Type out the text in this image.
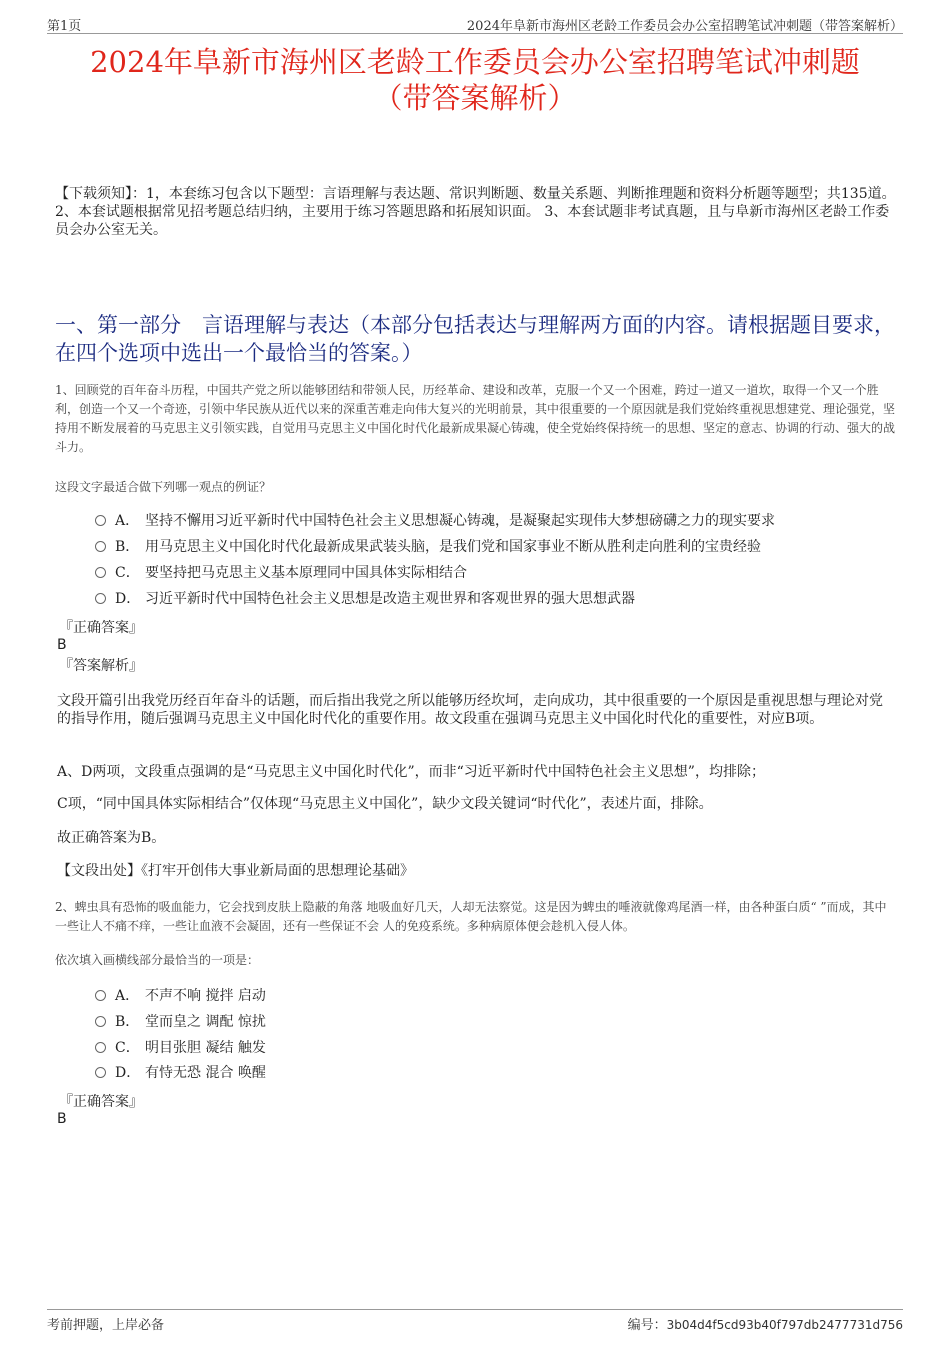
第1页	2024年阜新市海州区老龄工作委员会办公室招聘笔试冲刺题（带答案解析）
2024年阜新市海州区老龄工作委员会办公室招聘笔试冲刺题
（带答案解析）
【下载须知】：1，本套练习包含以下题型：言语理解与表达题、常识判断题、数量关系题、判断推理题和资料分析题等题型；共135道。 2、本套试题根据常见招考题总结归纳，主要用于练习答题思路和拓展知识面。 3、本套试题非考试真题，且与阜新市海州区老龄工作委员会办公室无关。
一、第一部分　言语理解与表达（本部分包括表达与理解两方面的内容。请根据题目要求，在四个选项中选出一个最恰当的答案。）
1、回顾党的百年奋斗历程，中国共产党之所以能够团结和带领人民，历经革命、建设和改革，克服一个又一个困难，跨过一道又一道坎，取得一个又一个胜利，创造一个又一个奇迹，引领中华民族从近代以来的深重苦难走向伟大复兴的光明前景，其中很重要的一个原因就是我们党始终重视思想建党、理论强党，坚持用不断发展着的马克思主义引领实践，自觉用马克思主义中国化时代化最新成果凝心铸魂，使全党始终保持统一的思想、坚定的意志、协调的行动、强大的战斗力。
这段文字最适合做下列哪一观点的例证？
A． 坚持不懈用习近平新时代中国特色社会主义思想凝心铸魂，是凝聚起实现伟大梦想磅礴之力的现实要求
B． 用马克思主义中国化时代化最新成果武装头脑，是我们党和国家事业不断从胜利走向胜利的宝贵经验
C． 要坚持把马克思主义基本原理同中国具体实际相结合
D． 习近平新时代中国特色社会主义思想是改造主观世界和客观世界的强大思想武器
『正确答案』
B
『答案解析』
文段开篇引出我党历经百年奋斗的话题，而后指出我党之所以能够历经坎坷，走向成功，其中很重要的一个原因是重视思想与理论对党的指导作用，随后强调马克思主义中国化时代化的重要作用。故文段重在强调马克思主义中国化时代化的重要性，对应B项。
A、D两项，文段重点强调的是“马克思主义中国化时代化”，而非“习近平新时代中国特色社会主义思想”，均排除；
C项，“同中国具体实际相结合”仅体现“马克思主义中国化”，缺少文段关键词“时代化”，表述片面，排除。
故正确答案为B。
【文段出处】《打牢开创伟大事业新局面的思想理论基础》
2、蜱虫具有恐怖的吸血能力，它会找到皮肤上隐蔽的角落 地吸血好几天，人却无法察觉。这是因为蜱虫的唾液就像鸡尾酒一样，由各种蛋白质“ ”而成，其中一些让人不痛不痒，一些让血液不会凝固，还有一些保证不会 人的免疫系统。多种病原体便会趁机入侵人体。
依次填入画横线部分最恰当的一项是：
A． 不声不响 搅拌 启动
B． 堂而皇之 调配 惊扰
C． 明目张胆 凝结 触发
D． 有恃无恐 混合 唤醒
『正确答案』
B
考前押题，上岸必备	编号：3b04d4f5cd93b40f797db2477731d756
